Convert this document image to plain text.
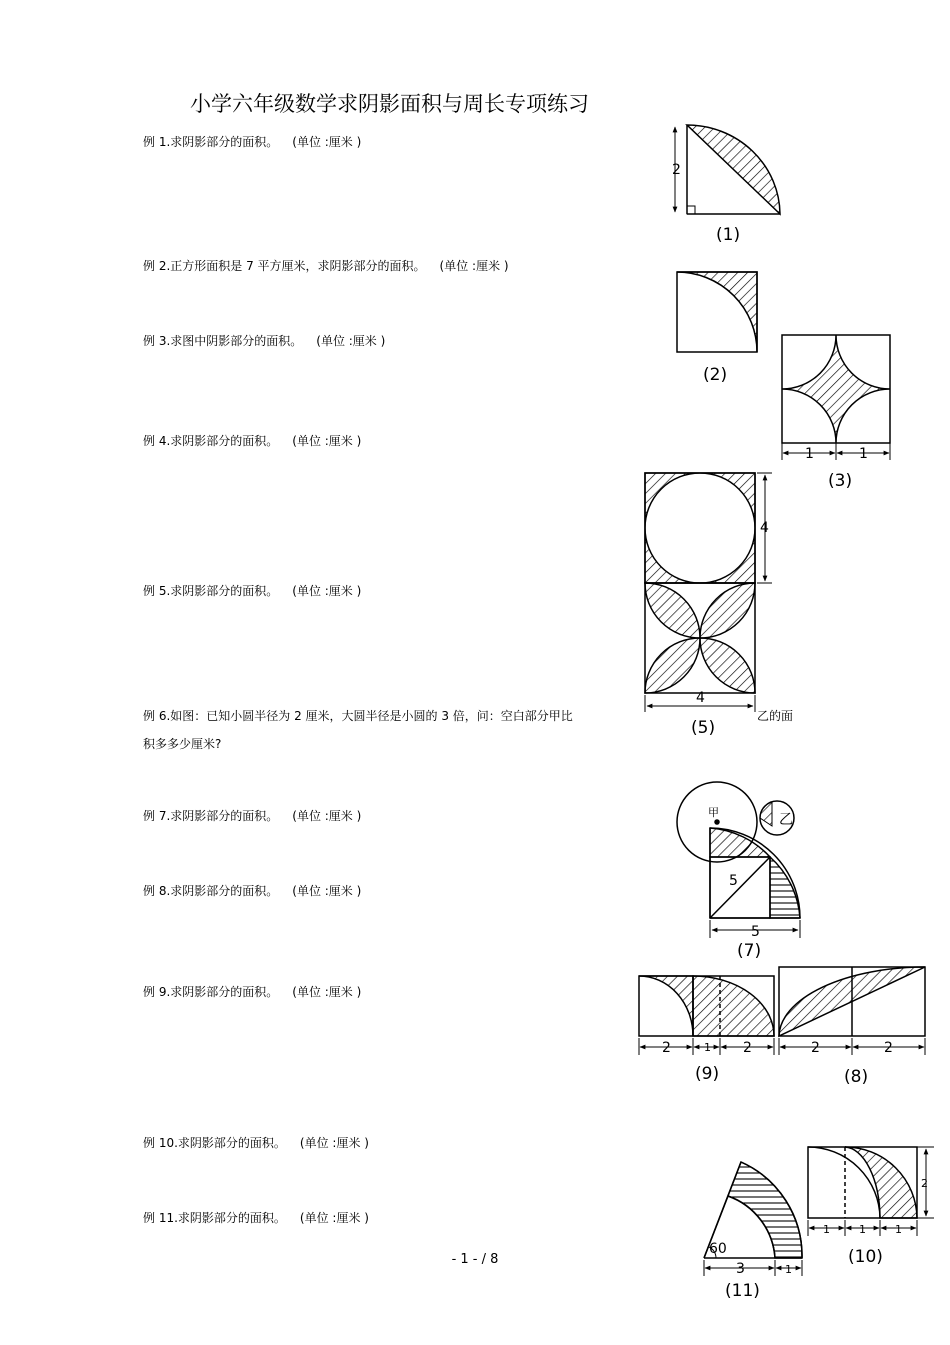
小学六年级数学求阴影面积与周长专项练习
例 1.求阴影部分的面积。 (单位 :厘米 )
例 2.正方形面积是 7 平方厘米，求阴影部分的面积。 (单位 :厘米 )
例 3.求图中阴影部分的面积。 (单位 :厘米 )
例 4.求阴影部分的面积。 (单位 :厘米 )
例 5.求阴影部分的面积。 (单位 :厘米 )
例 6.如图：已知小圆半径为 2 厘米，大圆半径是小圆的 3 倍，问：空白部分甲比	乙的面
积多多少厘米?
例 7.求阴影部分的面积。 (单位 :厘米 )
例 8.求阴影部分的面积。 (单位 :厘米 )
例 9.求阴影部分的面积。 (单位 :厘米 )
例 10.求阴影部分的面积。 (单位 :厘米 )
例 11.求阴影部分的面积。 (单位 :厘米 )
- 1 - / 8
2
(1)
(2)
1	1
(3)
4
4
(5)
甲	乙
5
5
(7)
2	1 2
(9)
2	2
(8)
1	1	1
2
(10)
60
3	1
(11)
